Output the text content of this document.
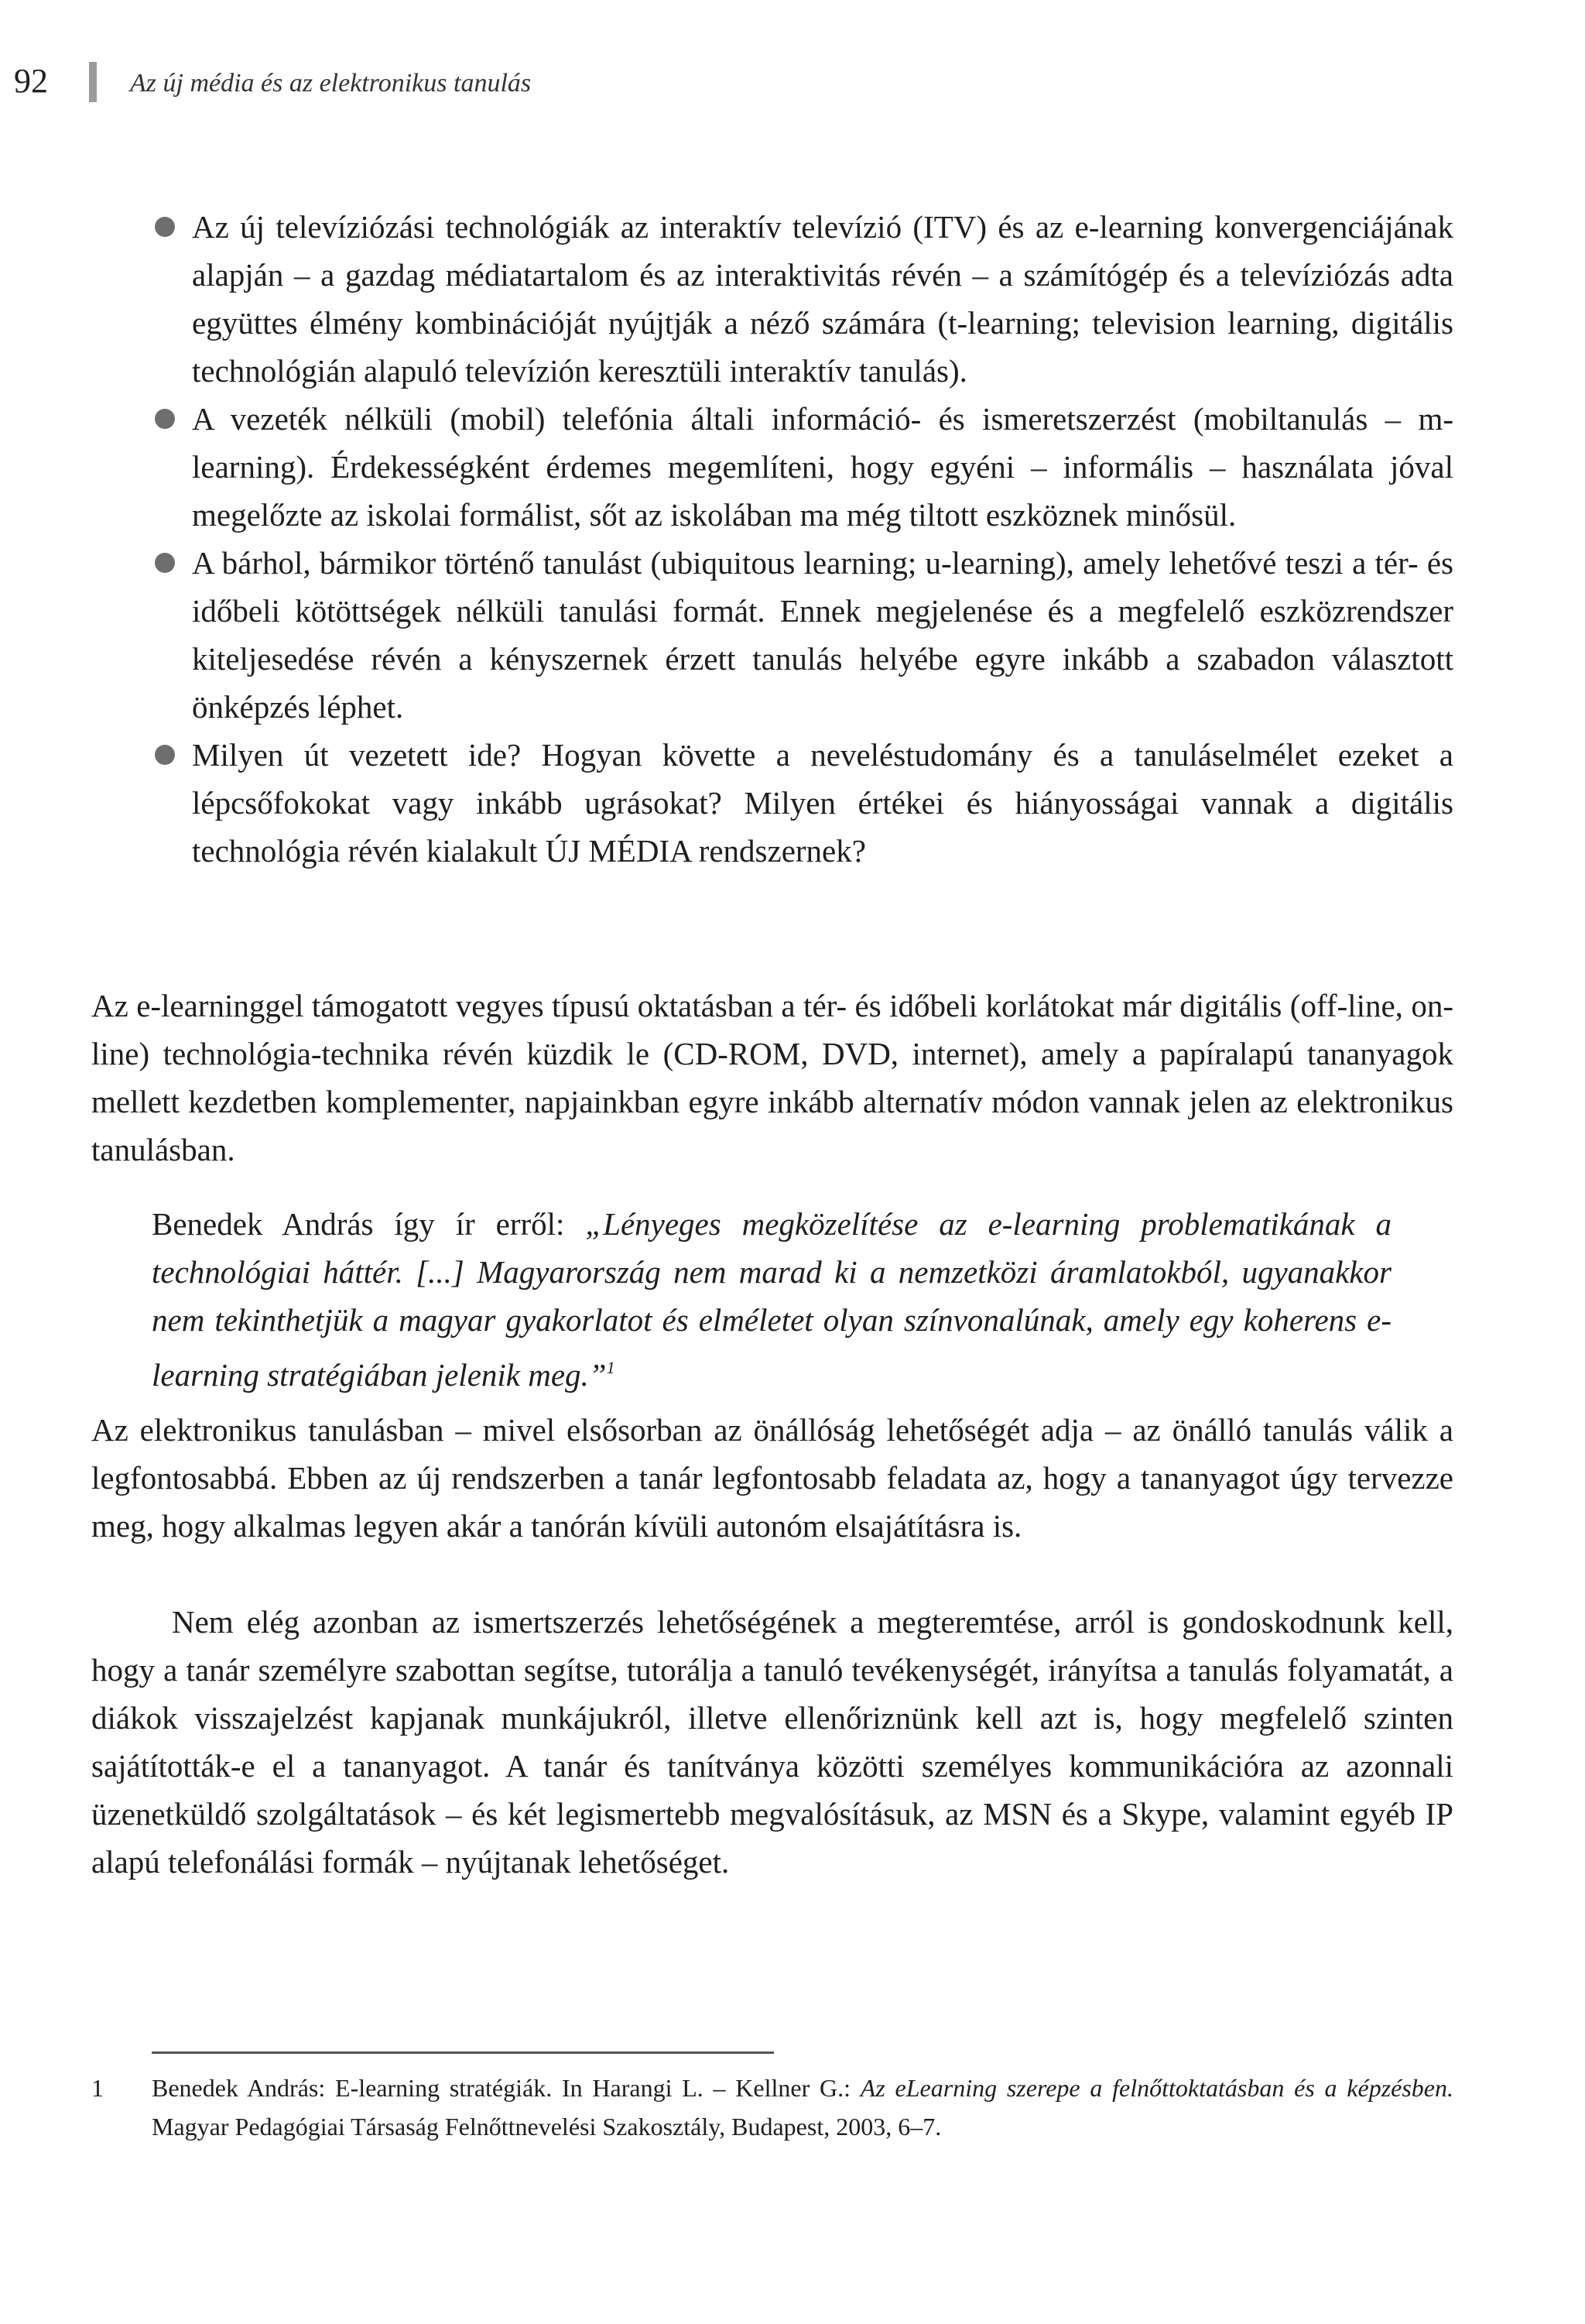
92	Az új média és az elektronikus tanulás
Az új televíziózási technológiák az interaktív televízió (ITV) és az e-learning konvergenciájának alapján – a gazdag médiatartalom és az interaktivitás révén – a számítógép és a televíziózás adta együttes élmény kombinációját nyújtják a néző számára (t-learning; television learning, digitális technológián alapuló televízión keresztüli interaktív tanulás).
A vezeték nélküli (mobil) telefónia általi információ- és ismeretszerzést (mobiltanulás – m-learning). Érdekességként érdemes megemlíteni, hogy egyéni – informális – használata jóval megelőzte az iskolai formálist, sőt az iskolában ma még tiltott eszköznek minősül.
A bárhol, bármikor történő tanulást (ubiquitous learning; u-learning), amely lehetővé teszi a tér- és időbeli kötöttségek nélküli tanulási formát. Ennek megjelenése és a megfelelő eszközrendszer kiteljesedése révén a kényszernek érzett tanulás helyébe egyre inkább a szabadon választott önképzés léphet.
Milyen út vezetett ide? Hogyan követte a neveléstudomány és a tanuláselmélet ezeket a lépcsőfokokat vagy inkább ugrásokat? Milyen értékei és hiányosságai vannak a digitális technológia révén kialakult ÚJ MÉDIA rendszernek?

Az e-learninggel támogatott vegyes típusú oktatásban a tér- és időbeli korlátokat már digitális (off-line, on-line) technológia-technika révén küzdik le (CD-ROM, DVD, internet), amely a papíralapú tananyagok mellett kezdetben komplementer, napjainkban egyre inkább alternatív módon vannak jelen az elektronikus tanulásban.

Benedek András így ír erről: „Lényeges megközelítése az e-learning problematikának a technológiai háttér. [...] Magyarország nem marad ki a nemzetközi áramlatokból, ugyanakkor nem tekinthetjük a magyar gyakorlatot és elméletet olyan színvonalúnak, amely egy koherens e-learning stratégiában jelenik meg.”$^1$

Az elektronikus tanulásban – mivel elsősorban az önállóság lehetőségét adja – az önálló tanulás válik a legfontosabbá. Ebben az új rendszerben a tanár legfontosabb feladata az, hogy a tananyagot úgy tervezze meg, hogy alkalmas legyen akár a tanórán kívüli autonóm elsajátításra is.

Nem elég azonban az ismertszerzés lehetőségének a megteremtése, arról is gondoskodnunk kell, hogy a tanár személyre szabottan segítse, tutorálja a tanuló tevékenységét, irányítsa a tanulás folyamatát, a diákok visszajelzést kapjanak munkájukról, illetve ellenőriznünk kell azt is, hogy megfelelő szinten sajátították-e el a tananyagot. A tanár és tanítványa közötti személyes kommunikációra az azonnali üzenetküldő szolgáltatások – és két legismertebb megvalósításuk, az MSN és a Skype, valamint egyéb IP alapú telefonálási formák – nyújtanak lehetőséget.

1 Benedek András: E-learning stratégiák. In Harangi L. – Kellner G.: Az eLearning szerepe a felnőttoktatásban és a képzésben. Magyar Pedagógiai Társaság Felnőttnevelési Szakosztály, Budapest, 2003, 6–7.
